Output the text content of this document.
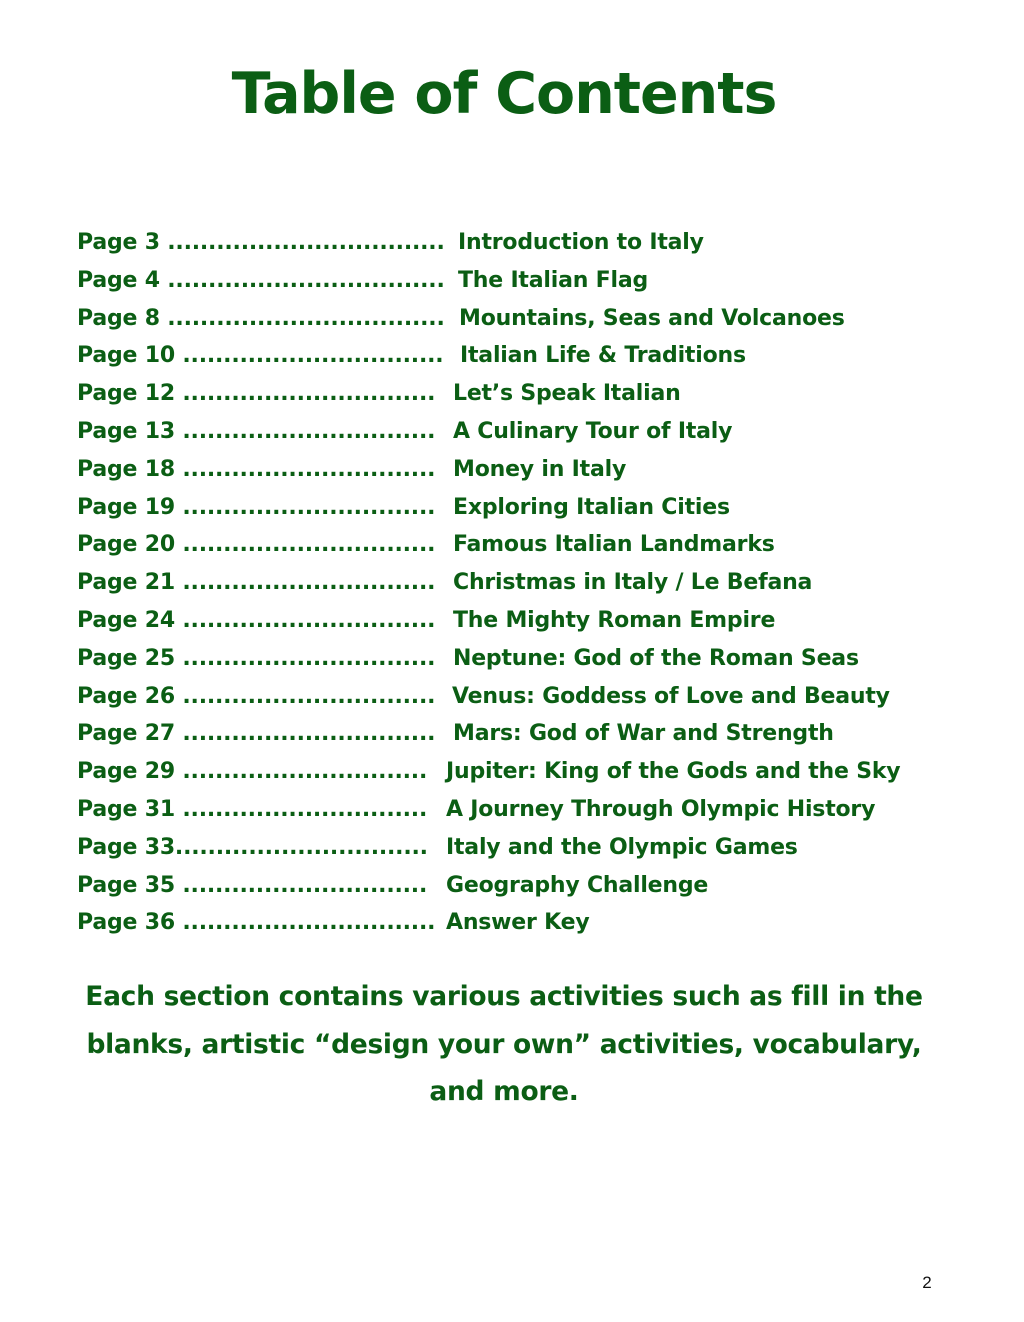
Table of Contents
Page 3 .................................. Introduction to Italy
Page 4 .................................. The Italian Flag
Page 8 .................................. Mountains, Seas and Volcanoes
Page 10 ................................ Italian Life & Traditions
Page 12 ............................... Let’s Speak Italian
Page 13 ............................... A Culinary Tour of Italy
Page 18 ............................... Money in Italy
Page 19 ............................... Exploring Italian Cities
Page 20 ............................... Famous Italian Landmarks
Page 21 ............................... Christmas in Italy / Le Befana
Page 24 ............................... The Mighty Roman Empire
Page 25 ............................... Neptune: God of the Roman Seas
Page 26 ............................... Venus: Goddess of Love and Beauty
Page 27 ............................... Mars: God of War and Strength
Page 29 .............................. Jupiter: King of the Gods and the Sky
Page 31 .............................. A Journey Through Olympic History
Page 33............................... Italy and the Olympic Games
Page 35 .............................. Geography Challenge
Page 36 ............................... Answer Key
Each section contains various activities such as fill in the blanks, artistic “design your own” activities, vocabulary, and more.
2
